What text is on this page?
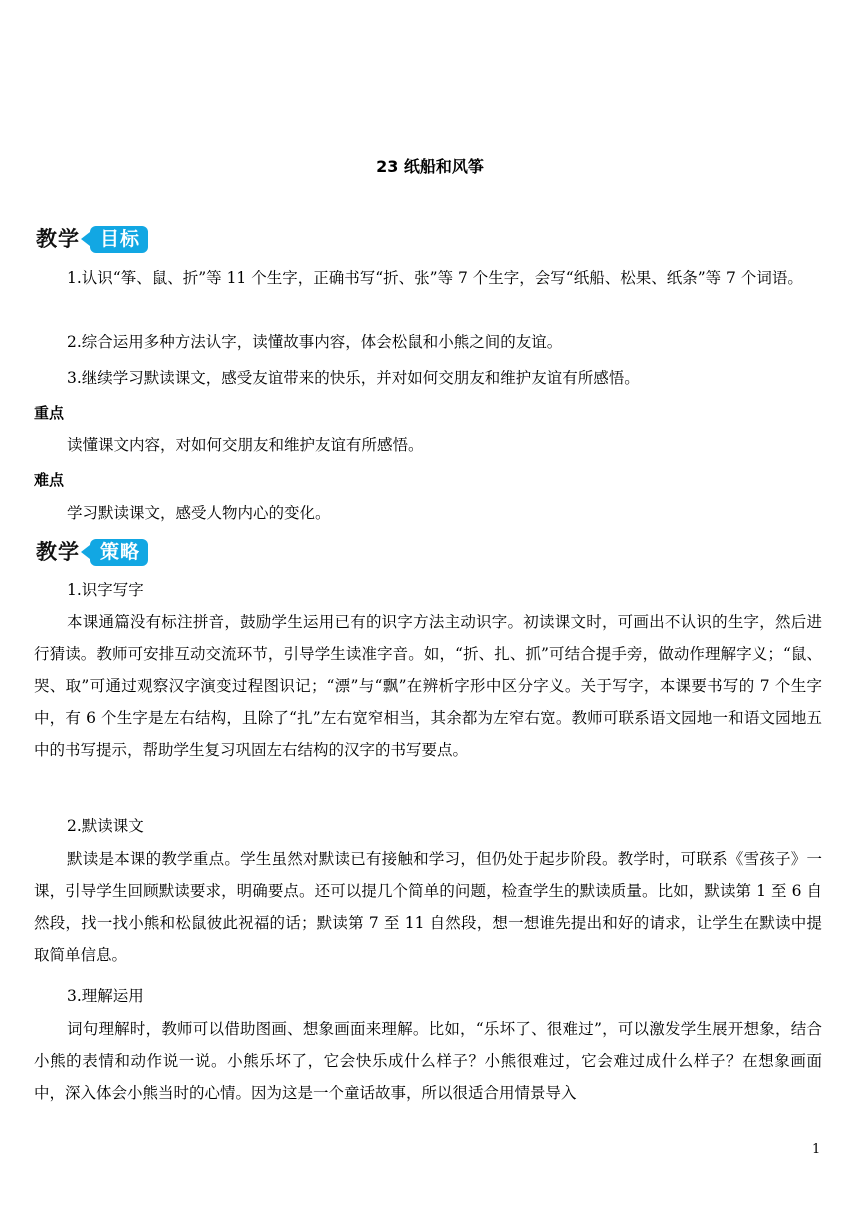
23 纸船和风筝
教学	目标

1.认识“筝、鼠、折”等 11 个生字，正确书写“折、张”等 7 个生字，会写“纸船、松果、纸条”等 7 个词语。

2.综合运用多种方法认字，读懂故事内容，体会松鼠和小熊之间的友谊。

3.继续学习默读课文，感受友谊带来的快乐，并对如何交朋友和维护友谊有所感悟。

重点

读懂课文内容，对如何交朋友和维护友谊有所感悟。

难点

学习默读课文，感受人物内心的变化。

教学	策略

1.识字写字

本课通篇没有标注拼音，鼓励学生运用已有的识字方法主动识字。初读课文时，可画出不认识的生字，然后进行猜读。教师可安排互动交流环节，引导学生读准字音。如，“折、扎、抓”可结合提手旁，做动作理解字义；“鼠、哭、取”可通过观察汉字演变过程图识记；“漂”与“飘”在辨析字形中区分字义。关于写字，本课要书写的 7 个生字中，有 6 个生字是左右结构，且除了“扎”左右宽窄相当，其余都为左窄右宽。教师可联系语文园地一和语文园地五中的书写提示，帮助学生复习巩固左右结构的汉字的书写要点。

2.默读课文

默读是本课的教学重点。学生虽然对默读已有接触和学习，但仍处于起步阶段。教学时，可联系《雪孩子》一课，引导学生回顾默读要求，明确要点。还可以提几个简单的问题，检查学生的默读质量。比如，默读第 1 至 6 自然段，找一找小熊和松鼠彼此祝福的话；默读第 7 至 11 自然段，想一想谁先提出和好的请求，让学生在默读中提取简单信息。

3.理解运用

词句理解时，教师可以借助图画、想象画面来理解。比如，“乐坏了、很难过”，可以激发学生展开想象，结合小熊的表情和动作说一说。小熊乐坏了，它会快乐成什么样子？小熊很难过，它会难过成什么样子？在想象画面中，深入体会小熊当时的心情。因为这是一个童话故事，所以很适合用情景导入

1
